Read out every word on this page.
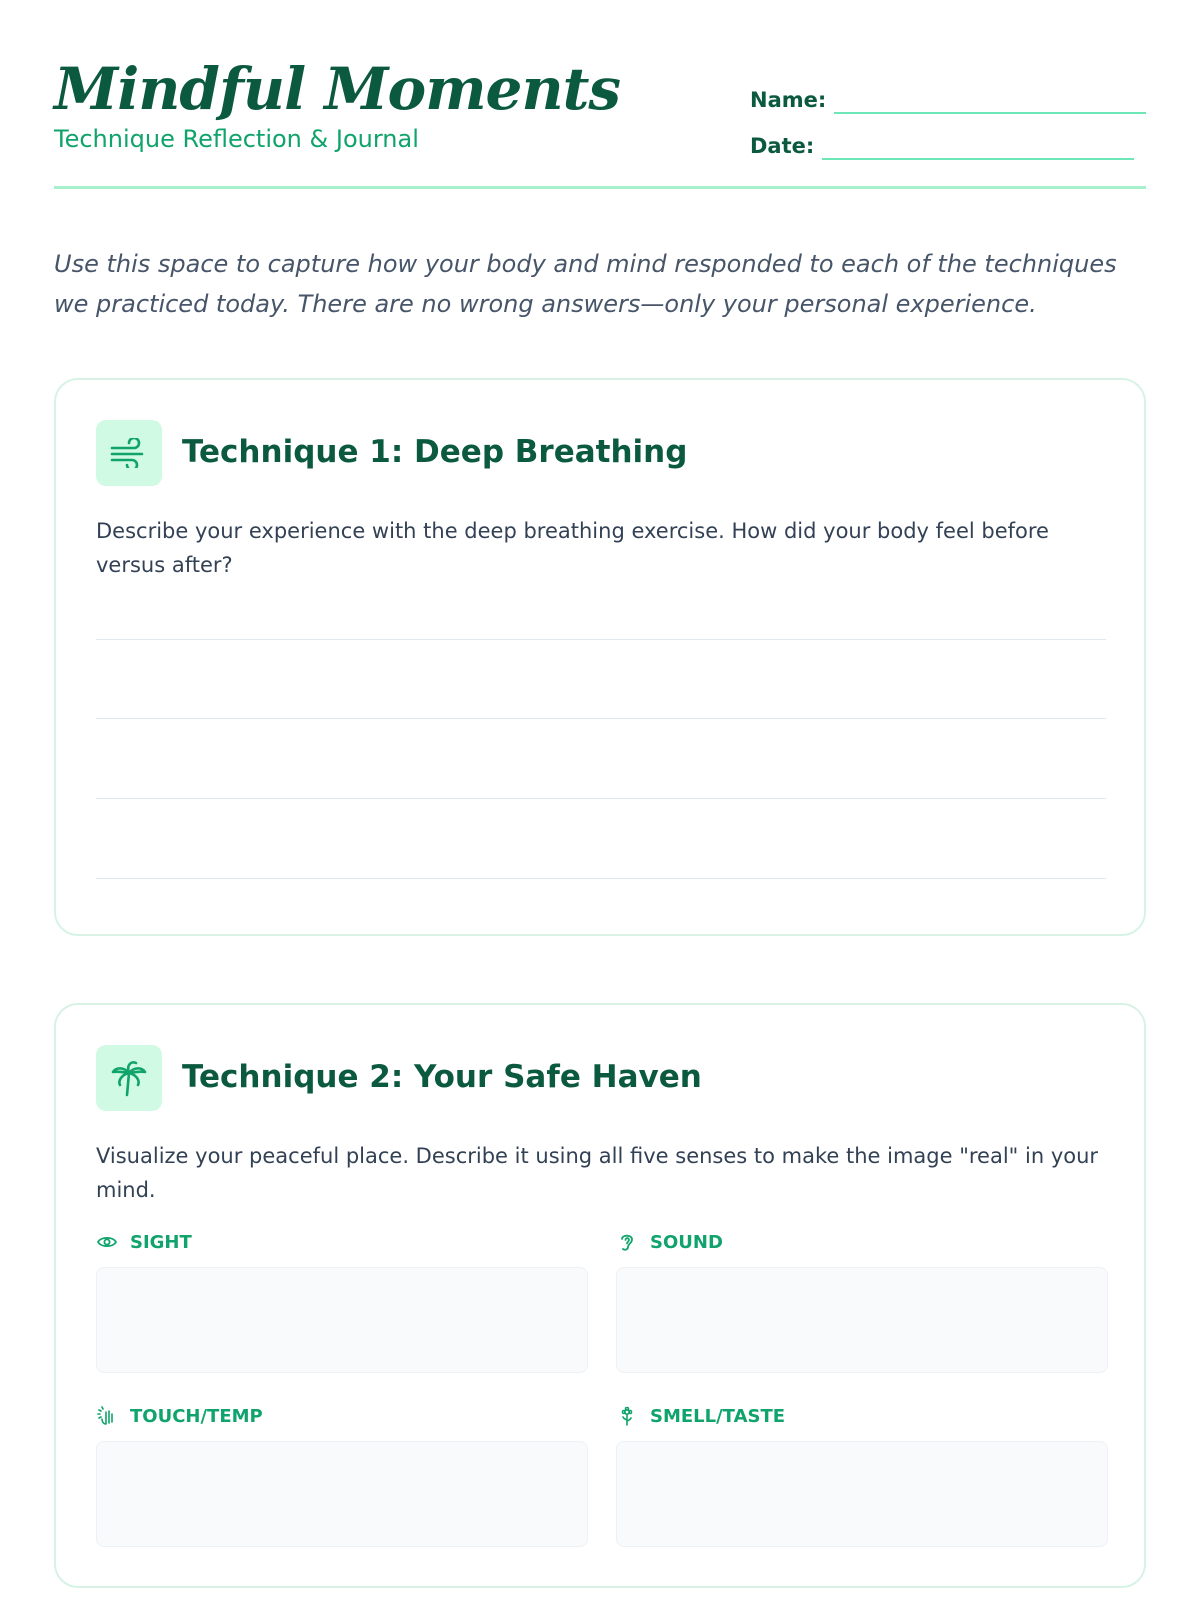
Mindful Moments
Technique Reflection & Journal
Name:
Date:

Use this space to capture how your body and mind responded to each of the techniques we practiced today. There are no wrong answers—only your personal experience.

Technique 1: Deep Breathing

Describe your experience with the deep breathing exercise. How did your body feel before versus after?

Technique 2: Your Safe Haven

Visualize your peaceful place. Describe it using all five senses to make the image "real" in your mind.

SIGHT	SOUND
TOUCH/TEMP	SMELL/TASTE
